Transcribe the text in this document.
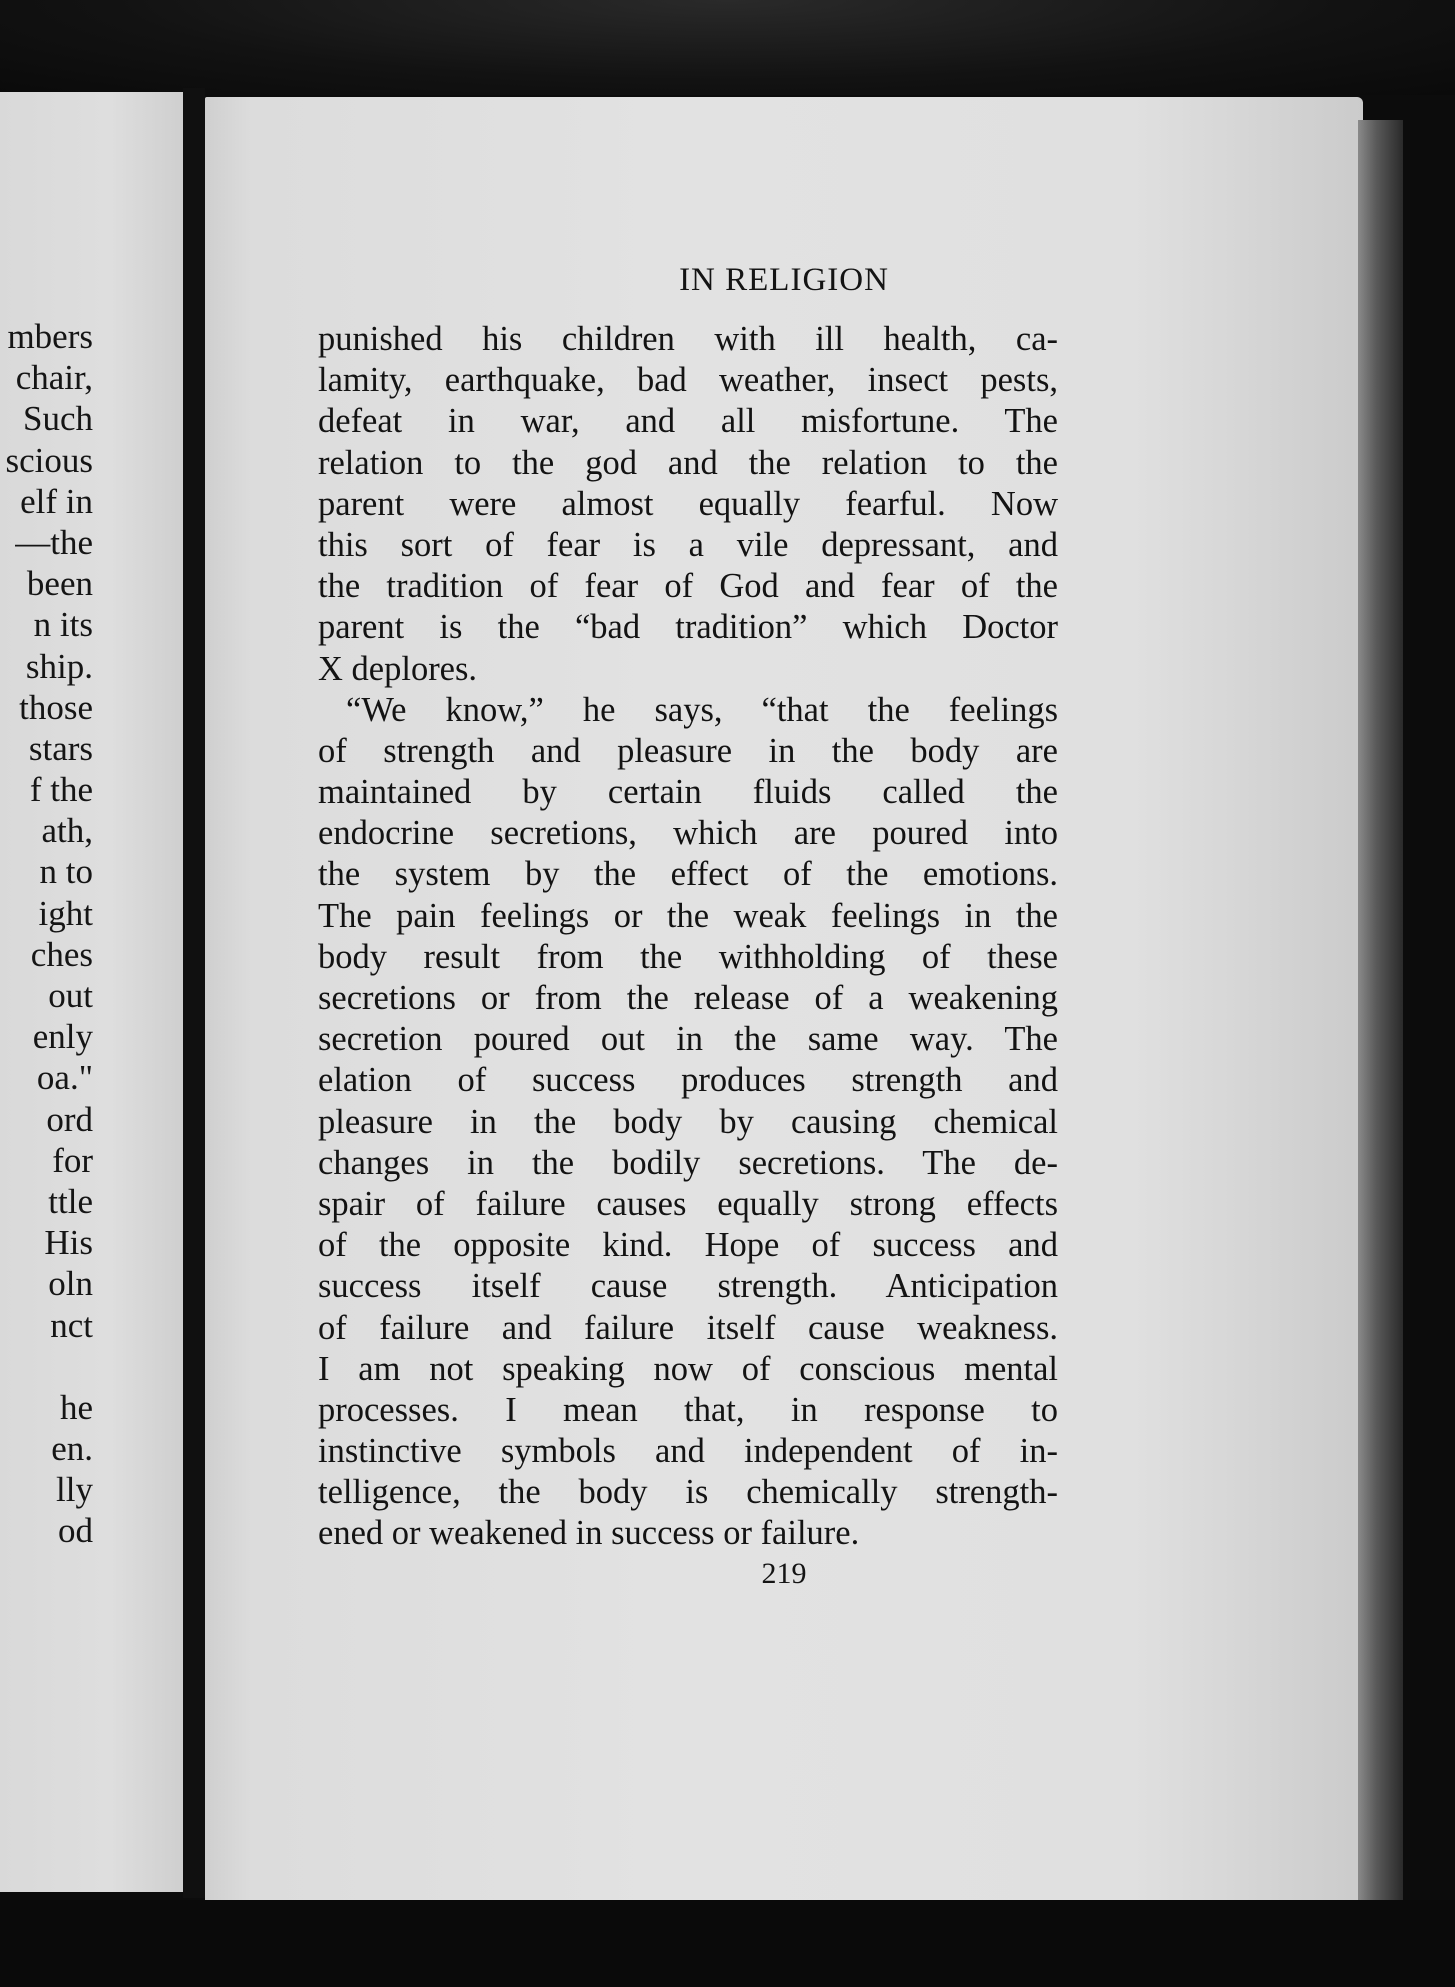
mbers
chair,
Such
scious
elf in
—the
been
n its
ship.
those
stars
f the
ath,
n to
ight
ches
out
enly
oa."
ord
for
ttle
His
oln
nct
he
en.
lly
od
IN RELIGION
punished his children with ill health, ca-
lamity, earthquake, bad weather, insect pests,
defeat in war, and all misfortune. The
relation to the god and the relation to the
parent were almost equally fearful. Now
this sort of fear is a vile depressant, and
the tradition of fear of God and fear of the
parent is the “bad tradition” which Doctor
X deplores.
“We know,” he says, “that the feelings
of strength and pleasure in the body are
maintained by certain fluids called the
endocrine secretions, which are poured into
the system by the effect of the emotions.
The pain feelings or the weak feelings in the
body result from the withholding of these
secretions or from the release of a weakening
secretion poured out in the same way. The
elation of success produces strength and
pleasure in the body by causing chemical
changes in the bodily secretions. The de-
spair of failure causes equally strong effects
of the opposite kind. Hope of success and
success itself cause strength. Anticipation
of failure and failure itself cause weakness.
I am not speaking now of conscious mental
processes. I mean that, in response to
instinctive symbols and independent of in-
telligence, the body is chemically strength-
ened or weakened in success or failure.
219
